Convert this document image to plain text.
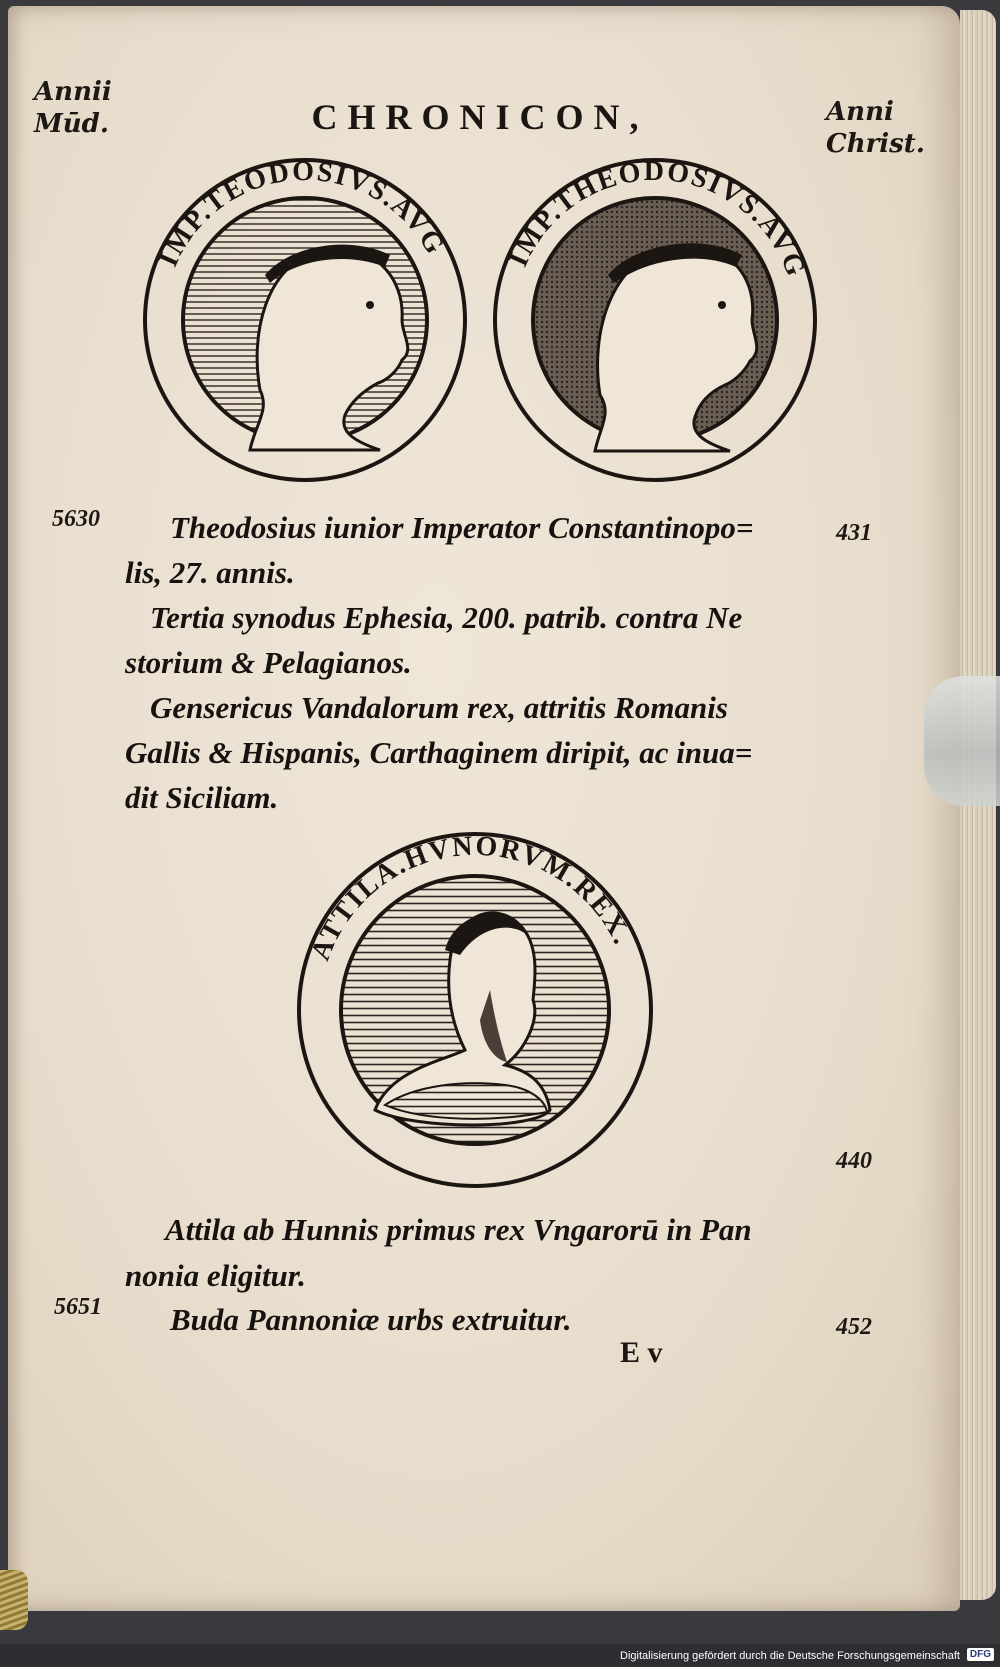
Annii
Mūd.	Anni
Christ.
CHRONICON,
IMP.TEODOSIVS.AVG IMP.THEODOSIVS.AVG
5630
431
Theodosius iunior Imperator Constantinopo=
lis, 27. annis.
Tertia synodus Ephesia, 200. patrib. contra Ne
storium & Pelagianos.
Gensericus Vandalorum rex, attritis Romanis
Gallis & Hispanis, Carthaginem diripit, ac inua=
dit Siciliam.
ATTILA.HVNORVM.REX.
440
Attila ab Hunnis primus rex Vngarorū in Pan
nonia eligitur.
5651
452
Buda Pannoniæ urbs extruitur.
E v
Digitalisierung gefördert durch die Deutsche Forschungsgemeinschaft DFG
